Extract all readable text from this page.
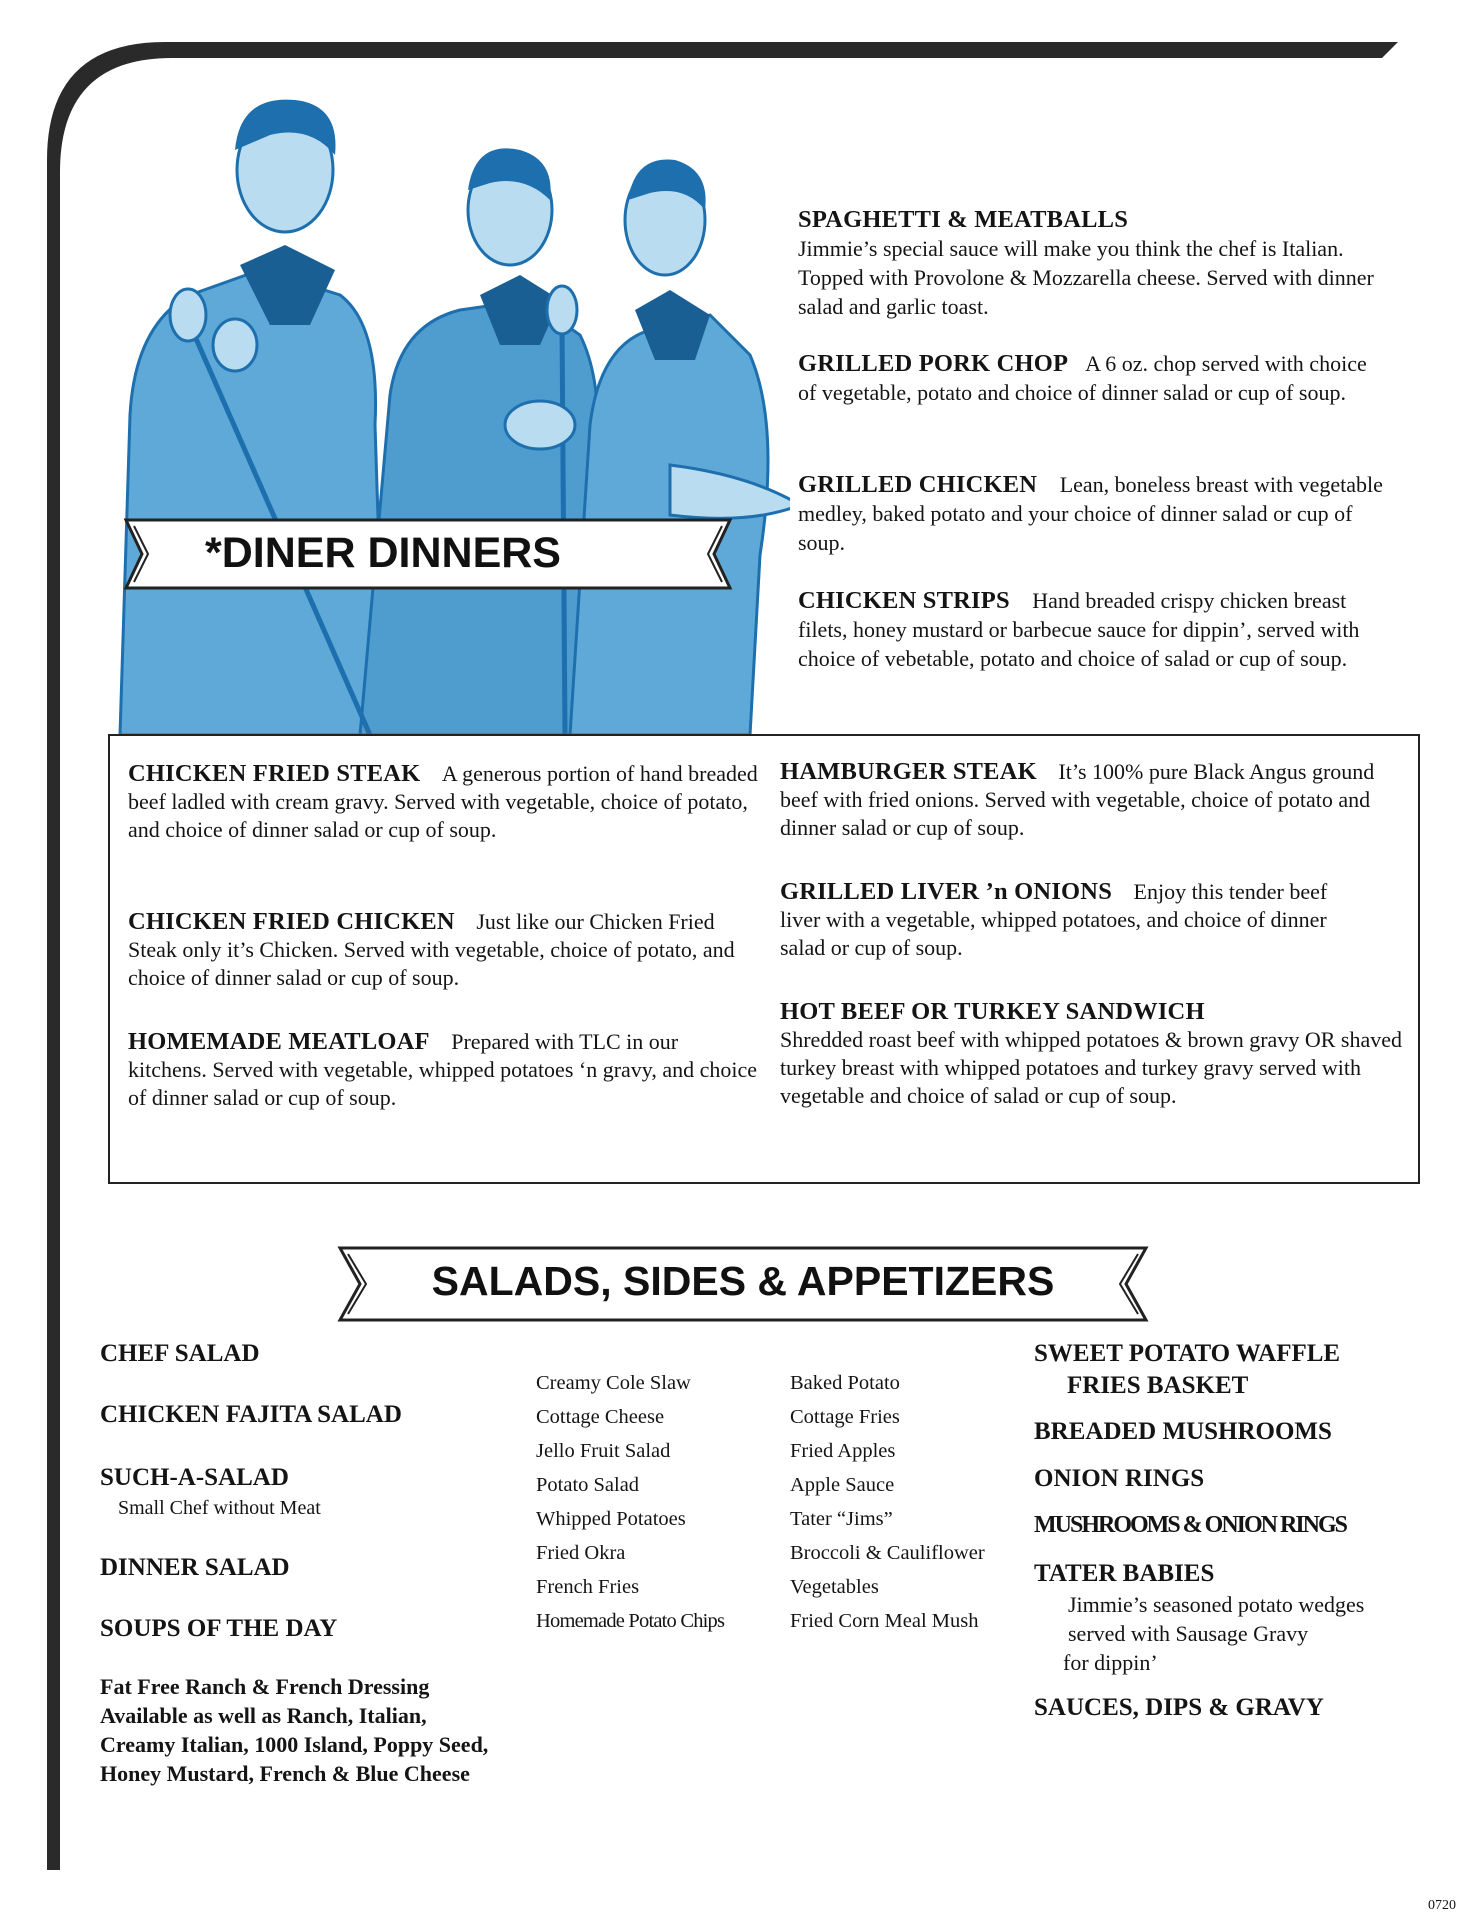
*DINER DINNERS
SPAGHETTI & MEATBALLS
Jimmie’s special sauce will make you think the chef is Italian. Topped with Provolone & Mozzarella cheese. Served with dinner salad and garlic toast.
GRILLED PORK CHOP A 6 oz. chop served with choice of vegetable, potato and choice of dinner salad or cup of soup.
GRILLED CHICKEN Lean, boneless breast with vegetable medley, baked potato and your choice of dinner salad or cup of soup.
CHICKEN STRIPS Hand breaded crispy chicken breast filets, honey mustard or barbecue sauce for dippin’, served with choice of vebetable, potato and choice of salad or cup of soup.
CHICKEN FRIED STEAK A generous portion of hand breaded beef ladled with cream gravy. Served with vegetable, choice of potato, and choice of dinner salad or cup of soup.
CHICKEN FRIED CHICKEN Just like our Chicken Fried Steak only it’s Chicken. Served with vegetable, choice of potato, and choice of dinner salad or cup of soup.
HOMEMADE MEATLOAF Prepared with TLC in our kitchens. Served with vegetable, whipped potatoes ‘n gravy, and choice of dinner salad or cup of soup.
HAMBURGER STEAK It’s 100% pure Black Angus ground beef with fried onions. Served with vegetable, choice of potato and dinner salad or cup of soup.
GRILLED LIVER ’n ONIONS Enjoy this tender beef liver with a vegetable, whipped potatoes, and choice of dinner salad or cup of soup.
HOT BEEF OR TURKEY SANDWICH
Shredded roast beef with whipped potatoes & brown gravy OR shaved turkey breast with whipped potatoes and turkey gravy served with vegetable and choice of salad or cup of soup.
SALADS, SIDES & APPETIZERS
CHEF SALAD
CHICKEN FAJITA SALAD
SUCH-A-SALAD
Small Chef without Meat
DINNER SALAD
SOUPS OF THE DAY
Fat Free Ranch & French Dressing
Available as well as Ranch, Italian,
Creamy Italian, 1000 Island, Poppy Seed,
Honey Mustard, French & Blue Cheese
Creamy Cole Slaw
Cottage Cheese
Jello Fruit Salad
Potato Salad
Whipped Potatoes
Fried Okra
French Fries
Homemade Potato Chips
Baked Potato
Cottage Fries
Fried Apples
Apple Sauce
Tater “Jims”
Broccoli & Cauliflower
Vegetables
Fried Corn Meal Mush
SWEET POTATO WAFFLE
FRIES BASKET
BREADED MUSHROOMS
ONION RINGS
MUSHROOMS & ONION RINGS
TATER BABIES
Jimmie’s seasoned potato wedges
served with Sausage Gravy
for dippin’
SAUCES, DIPS & GRAVY
0720
